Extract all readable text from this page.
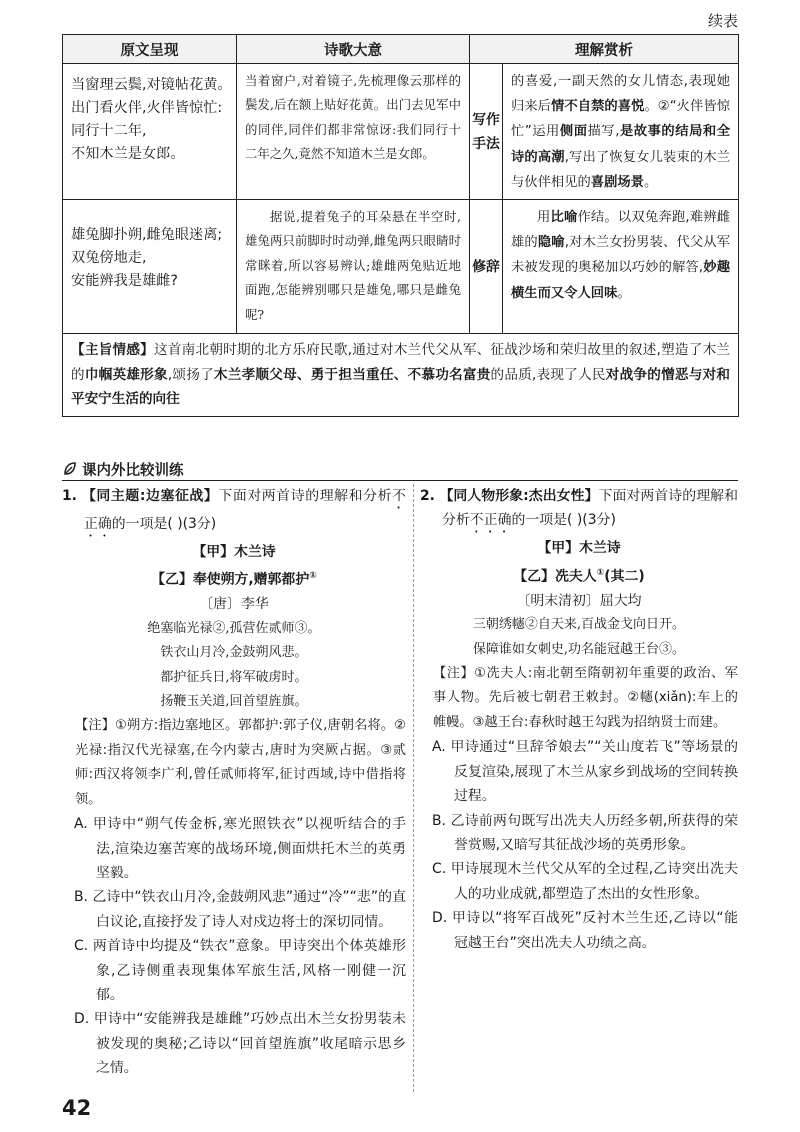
续表
原文呈现	诗歌大意	理解赏析	

当窗理云鬓,对镜帖花黄。
出门看火伴,火伴皆惊忙:
同行十二年,
不知木兰是女郎。	当着窗户,对着镜子,先梳理像云那样的鬓发,后在额上贴好花黄。出门去见军中的同伴,同伴们都非常惊讶:我们同行十二年之久,竟然不知道木兰是女郎。	写作手法	的喜爱,一副天然的女儿情态,表现她归来后情不自禁的喜悦。②“火伴皆惊忙”运用侧面描写,是故事的结局和全诗的高潮,写出了恢复女儿装束的木兰与伙伴相见的喜剧场景。

雄兔脚扑朔,雌兔眼迷离;
双兔傍地走,
安能辨我是雄雌?	据说,提着兔子的耳朵悬在半空时,雄兔两只前脚时时动弹,雌兔两只眼睛时常眯着,所以容易辨认;雄雌两兔贴近地面跑,怎能辨别哪只是雄兔,哪只是雌兔呢?	修辞	用比喻作结。以双兔奔跑,难辨雌雄的隐喻,对木兰女扮男装、代父从军未被发现的奥秘加以巧妙的解答,妙趣横生而又令人回味。
【主旨情感】这首南北朝时期的北方乐府民歌,通过对木兰代父从军、征战沙场和荣归故里的叙述,塑造了木兰的巾帼英雄形象,颂扬了木兰孝顺父母、勇于担当重任、不慕功名富贵的品质,表现了人民对战争的憎恶与对和平安宁生活的向往			
课内外比较训练

1. 【同主题:边塞征战】下面对两首诗的理解和分析不正确的一项是( )(3分)

【甲】木兰诗
【乙】奉使朔方,赠郭都护①
〔唐〕李华
绝塞临光禄②,孤营佐贰师③。
铁衣山月冷,金鼓朔风悲。
都护征兵日,将军破虏时。
扬鞭玉关道,回首望旌旗。
【注】①朔方:指边塞地区。郭都护:郭子仪,唐朝名将。②光禄:指汉代光禄塞,在今内蒙古,唐时为突厥占据。③贰师:西汉将领李广利,曾任贰师将军,征讨西域,诗中借指将领。
A. 甲诗中“朔气传金柝,寒光照铁衣”以视听结合的手法,渲染边塞苦寒的战场环境,侧面烘托木兰的英勇坚毅。
B. 乙诗中“铁衣山月冷,金鼓朔风悲”通过“冷”“悲”的直白议论,直接抒发了诗人对戍边将士的深切同情。
C. 两首诗中均提及“铁衣”意象。甲诗突出个体英雄形象,乙诗侧重表现集体军旅生活,风格一刚健一沉郁。
D. 甲诗中“安能辨我是雄雌”巧妙点出木兰女扮男装未被发现的奥秘;乙诗以“回首望旌旗”收尾暗示思乡之情。

2. 【同人物形象:杰出女性】下面对两首诗的理解和分析不正确的一项是( )(3分)

【甲】木兰诗
【乙】冼夫人①(其二)
〔明末清初〕屈大均
三朝绣幰②自天来,百战金戈向日开。
保障谁如女刺史,功名能冠越王台③。
【注】①冼夫人:南北朝至隋朝初年重要的政治、军事人物。先后被七朝君王敕封。②幰(xiǎn):车上的帷幔。③越王台:春秋时越王勾践为招纳贤士而建。
A. 甲诗通过“旦辞爷娘去”“关山度若飞”等场景的反复渲染,展现了木兰从家乡到战场的空间转换过程。
B. 乙诗前两句既写出冼夫人历经多朝,所获得的荣誉赏赐,又暗写其征战沙场的英勇形象。
C. 甲诗展现木兰代父从军的全过程,乙诗突出冼夫人的功业成就,都塑造了杰出的女性形象。
D. 甲诗以“将军百战死”反衬木兰生还,乙诗以“能冠越王台”突出冼夫人功绩之高。
42
